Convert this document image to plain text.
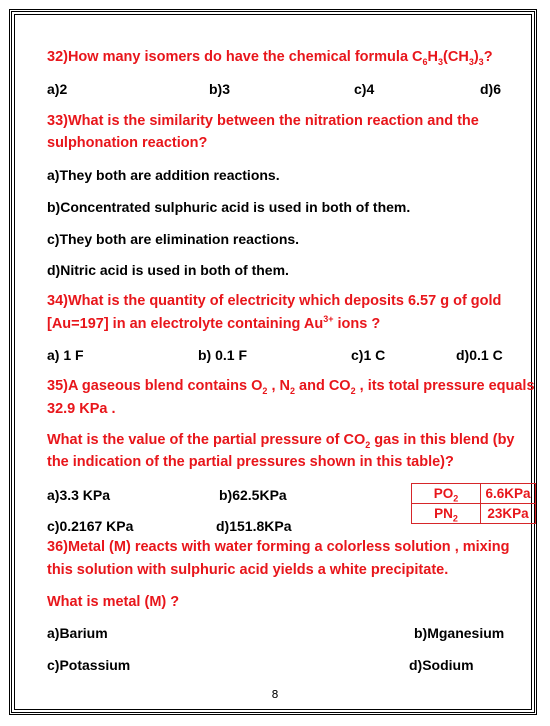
32)How many isomers do have the chemical formula $C_6H_3(CH_3)_3$?
a)2	b)3	c)4	d)6
33)What is the similarity between the nitration reaction and the
sulphonation reaction?
a)They both are addition reactions.
b)Concentrated sulphuric acid is used in both of them.
c)They both are elimination reactions.
d)Nitric acid is used in both of them.
34)What is the quantity of electricity which deposits 6.57 g of gold
[Au=197] in an electrolyte containing $Au^{3+}$ ions ?
a) 1 F	b) 0.1 F	c)1 C	d)0.1 C
35)A gaseous blend contains $O_2$ , $N_2$ and $CO_2$ , its total pressure equals
32.9 KPa .
What is the value of the partial pressure of $CO_2$ gas in this blend (by
the indication of the partial pressures shown in this table)?
a)3.3 KPa	b)62.5KPa
c)0.2167 KPa	d)151.8KPa
$PO_2$	6.6KPa
$PN_2$	23KPa
36)Metal (M) reacts with water forming a colorless solution , mixing
this solution with sulphuric acid yields a white precipitate.
What is metal (M) ?
a)Barium	b)Mganesium
c)Potassium	d)Sodium
8
